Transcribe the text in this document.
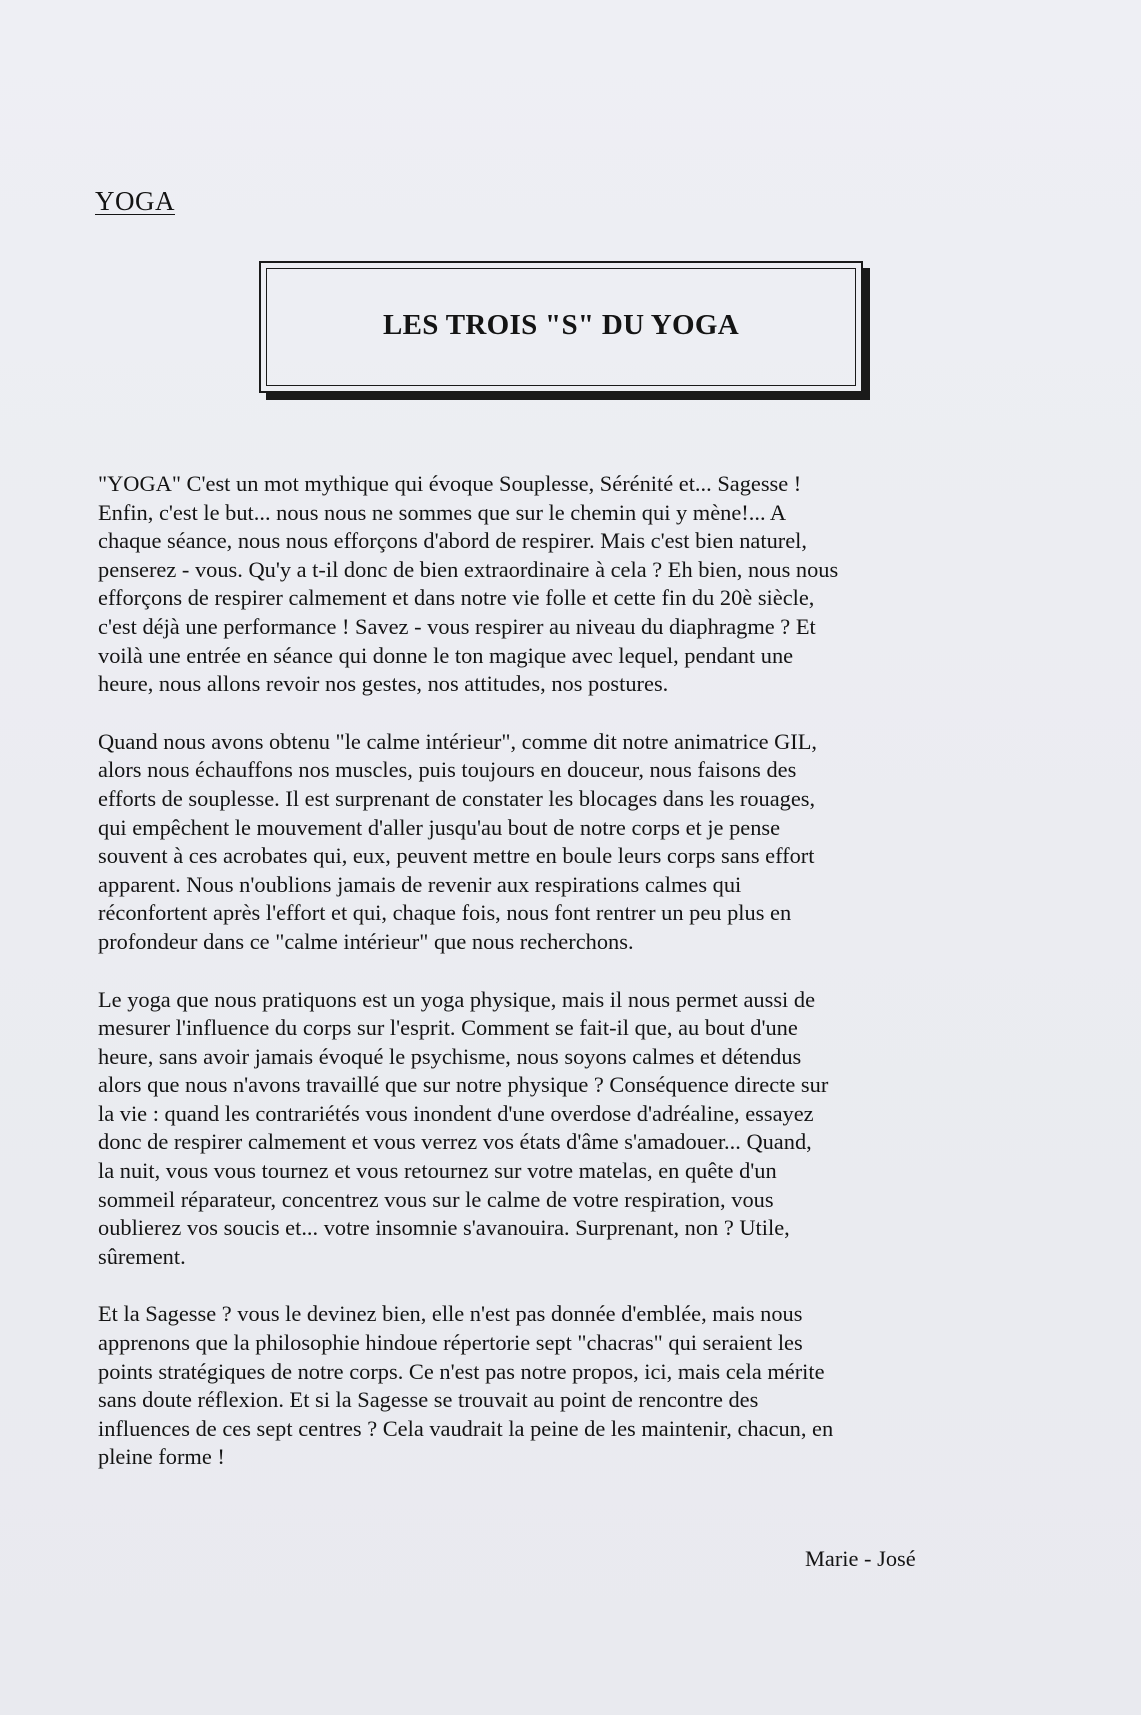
YOGA
LES TROIS "S" DU YOGA

"YOGA" C'est un mot mythique qui évoque Souplesse, Sérénité et... Sagesse !
Enfin, c'est le but... nous nous ne sommes que sur le chemin qui y mène!... A
chaque séance, nous nous efforçons d'abord de respirer. Mais c'est bien naturel,
penserez - vous. Qu'y a t-il donc de bien extraordinaire à cela ? Eh bien, nous nous
efforçons de respirer calmement et dans notre vie folle et cette fin du 20è siècle,
c'est déjà une performance ! Savez - vous respirer au niveau du diaphragme ? Et
voilà une entrée en séance qui donne le ton magique avec lequel, pendant une
heure, nous allons revoir nos gestes, nos attitudes, nos postures.

Quand nous avons obtenu "le calme intérieur", comme dit notre animatrice GIL,
alors nous échauffons nos muscles, puis toujours en douceur, nous faisons des
efforts de souplesse. Il est surprenant de constater les blocages dans les rouages,
qui empêchent le mouvement d'aller jusqu'au bout de notre corps et je pense
souvent à ces acrobates qui, eux, peuvent mettre en boule leurs corps sans effort
apparent. Nous n'oublions jamais de revenir aux respirations calmes qui
réconfortent après l'effort et qui, chaque fois, nous font rentrer un peu plus en
profondeur dans ce "calme intérieur" que nous recherchons.

Le yoga que nous pratiquons est un yoga physique, mais il nous permet aussi de
mesurer l'influence du corps sur l'esprit. Comment se fait-il que, au bout d'une
heure, sans avoir jamais évoqué le psychisme, nous soyons calmes et détendus
alors que nous n'avons travaillé que sur notre physique ? Conséquence directe sur
la vie : quand les contrariétés vous inondent d'une overdose d'adréaline, essayez
donc de respirer calmement et vous verrez vos états d'âme s'amadouer... Quand,
la nuit, vous vous tournez et vous retournez sur votre matelas, en quête d'un
sommeil réparateur, concentrez vous sur le calme de votre respiration, vous
oublierez vos soucis et... votre insomnie s'avanouira. Surprenant, non ? Utile,
sûrement.

Et la Sagesse ? vous le devinez bien, elle n'est pas donnée d'emblée, mais nous
apprenons que la philosophie hindoue répertorie sept "chacras" qui seraient les
points stratégiques de notre corps. Ce n'est pas notre propos, ici, mais cela mérite
sans doute réflexion. Et si la Sagesse se trouvait au point de rencontre des
influences de ces sept centres ? Cela vaudrait la peine de les maintenir, chacun, en
pleine forme !

Marie - José
